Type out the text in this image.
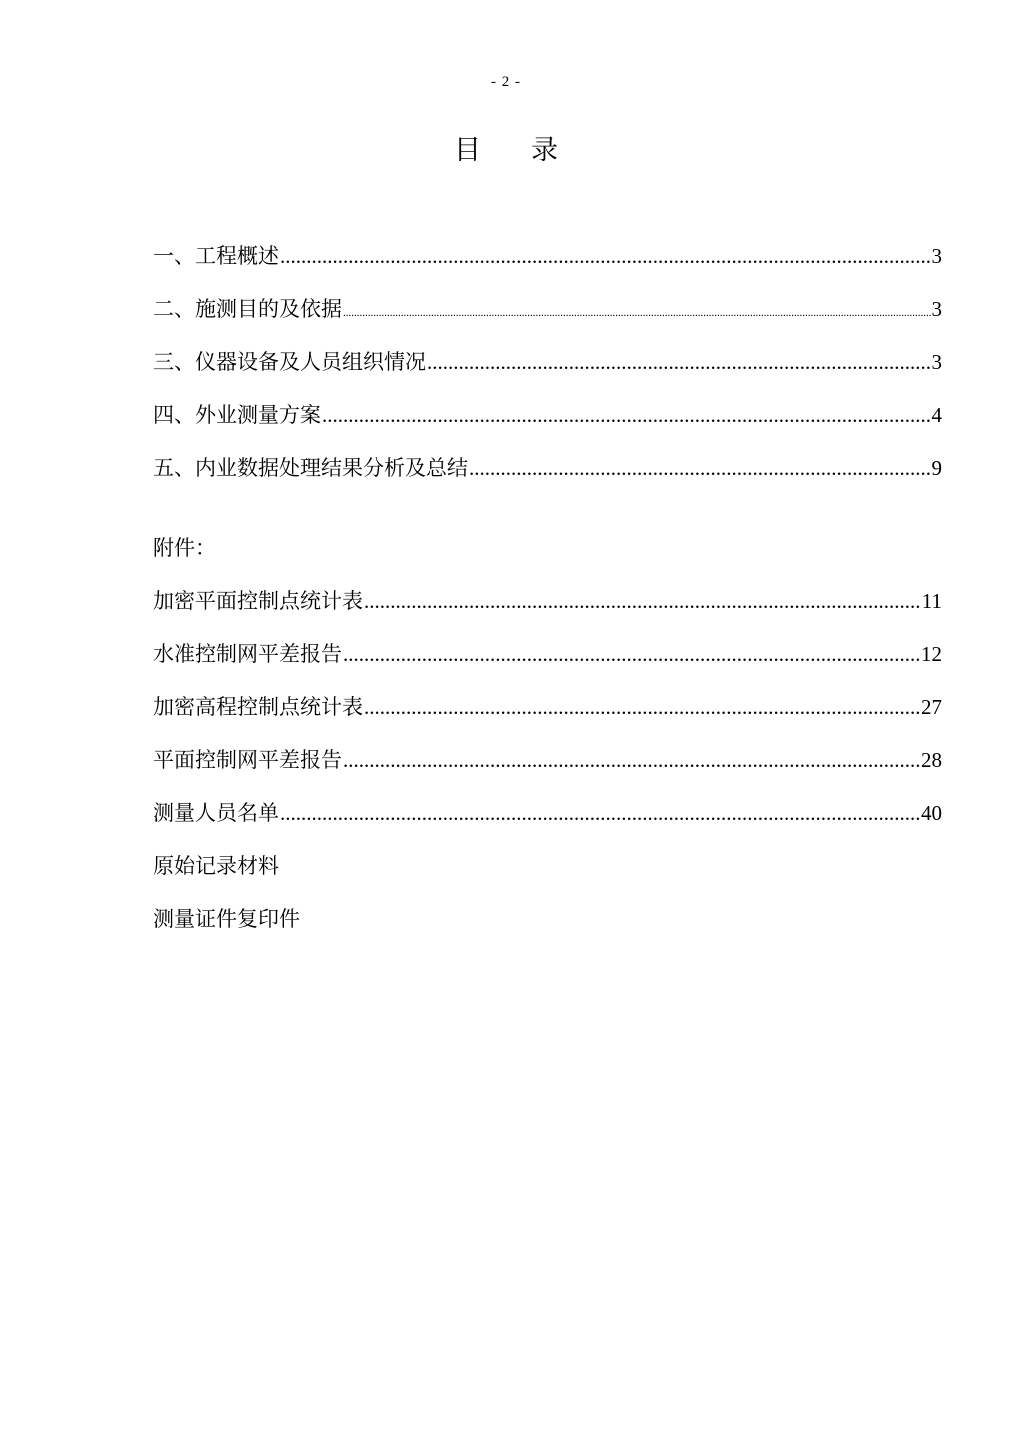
- 2 -
目 录
一、工程概述 .....	3
二、施测目的及依据 .....	3
三、仪器设备及人员组织情况 .....	3
四、外业测量方案 .....	4
五、内业数据处理结果分析及总结 .....	9
附件：
加密平面控制点统计表 .....	11
水准控制网平差报告 .....	12
加密高程控制点统计表 .....	27
平面控制网平差报告 .....	28
测量人员名单 .....	40
原始记录材料
测量证件复印件
